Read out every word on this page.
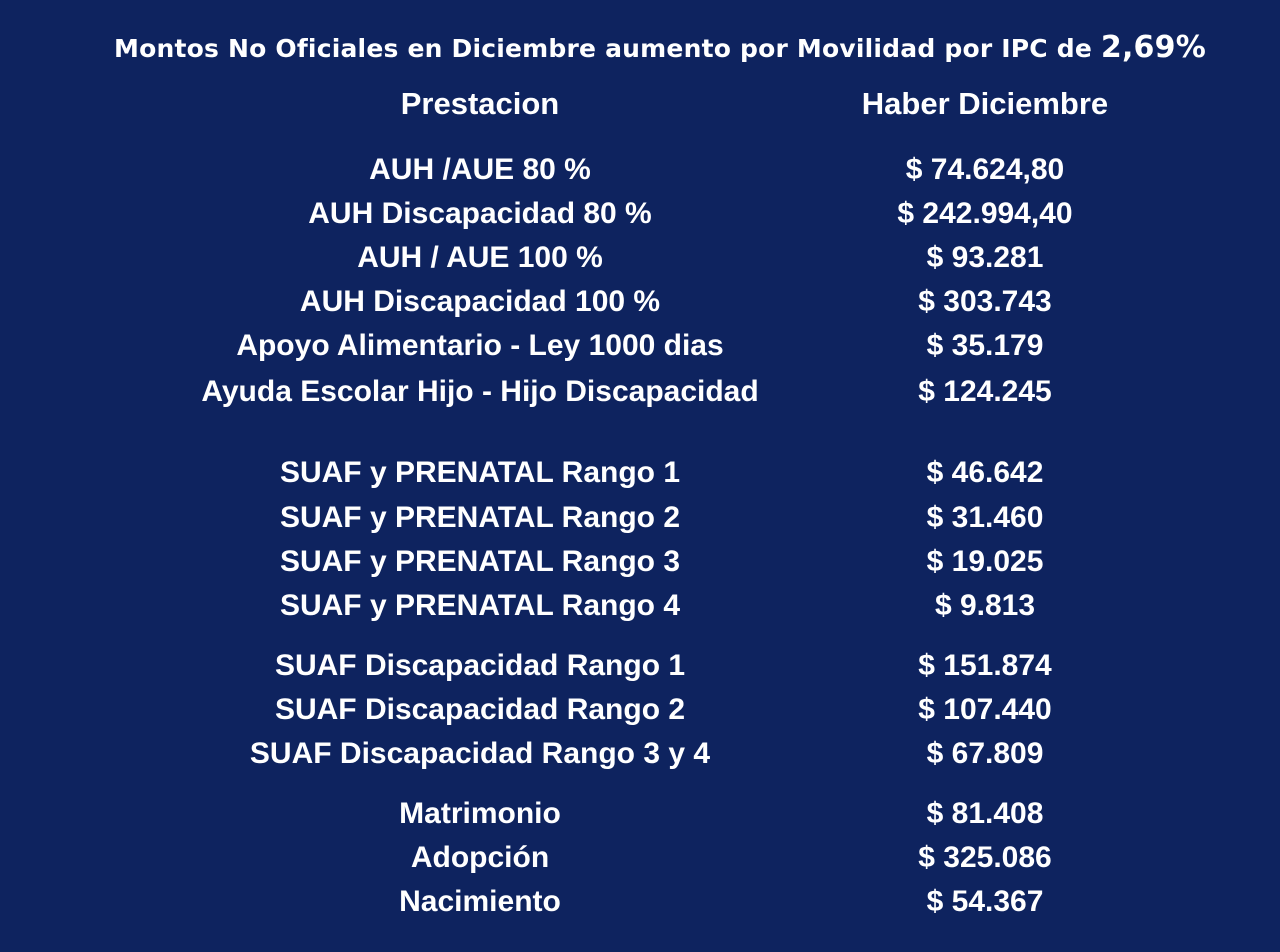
Montos No Oficiales en Diciembre aumento por Movilidad por IPC de 2,69%
Prestacion	Haber Diciembre
AUH /AUE 80 %	$ 74.624,80
AUH Discapacidad 80 %	$ 242.994,40
AUH / AUE 100 %	$ 93.281
AUH Discapacidad 100 %	$ 303.743
Apoyo Alimentario - Ley 1000 dias	$ 35.179
Ayuda Escolar Hijo - Hijo Discapacidad	$ 124.245
SUAF y PRENATAL Rango 1	$ 46.642
SUAF y PRENATAL Rango 2	$ 31.460
SUAF y PRENATAL Rango 3	$ 19.025
SUAF y PRENATAL Rango 4	$ 9.813
SUAF Discapacidad Rango 1	$ 151.874
SUAF Discapacidad Rango 2	$ 107.440
SUAF Discapacidad Rango 3 y 4	$ 67.809
Matrimonio	$ 81.408
Adopción	$ 325.086
Nacimiento	$ 54.367
